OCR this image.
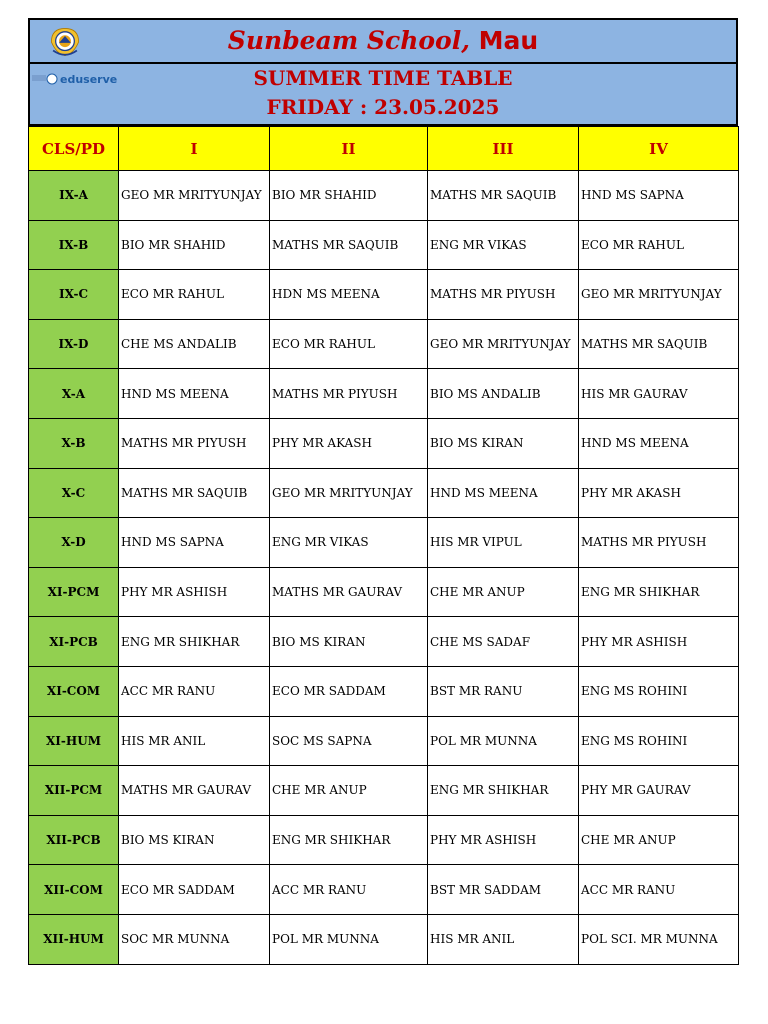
Sunbeam School, Mau
eduserve	SUMMER TIME TABLE
FRIDAY : 23.05.2025
CLS/PD	I	II	III	IV
IX-A	GEO MR MRITYUNJAY	BIO MR SHAHID	MATHS MR SAQUIB	HND MS SAPNA
IX-B	BIO MR SHAHID	MATHS MR SAQUIB	ENG MR VIKAS	ECO MR RAHUL
IX-C	ECO MR RAHUL	HDN MS MEENA	MATHS MR PIYUSH	GEO MR MRITYUNJAY
IX-D	CHE MS ANDALIB	ECO MR RAHUL	GEO MR MRITYUNJAY	MATHS MR SAQUIB
X-A	HND MS MEENA	MATHS MR PIYUSH	BIO MS ANDALIB	HIS MR GAURAV
X-B	MATHS MR PIYUSH	PHY MR AKASH	BIO MS KIRAN	HND MS MEENA
X-C	MATHS MR SAQUIB	GEO MR MRITYUNJAY	HND MS MEENA	PHY MR AKASH
X-D	HND MS SAPNA	ENG MR VIKAS	HIS MR VIPUL	MATHS MR PIYUSH
XI-PCM	PHY MR ASHISH	MATHS MR GAURAV	CHE MR ANUP	ENG MR SHIKHAR
XI-PCB	ENG MR SHIKHAR	BIO MS KIRAN	CHE MS SADAF	PHY MR ASHISH
XI-COM	ACC MR RANU	ECO MR SADDAM	BST MR RANU	ENG MS ROHINI
XI-HUM	HIS MR ANIL	SOC MS SAPNA	POL MR MUNNA	ENG MS ROHINI
XII-PCM	MATHS MR GAURAV	CHE MR ANUP	ENG MR SHIKHAR	PHY MR GAURAV
XII-PCB	BIO MS KIRAN	ENG MR SHIKHAR	PHY MR ASHISH	CHE MR ANUP
XII-COM	ECO MR SADDAM	ACC MR RANU	BST MR SADDAM	ACC MR RANU
XII-HUM	SOC MR MUNNA	POL MR MUNNA	HIS MR ANIL	POL SCI. MR MUNNA
